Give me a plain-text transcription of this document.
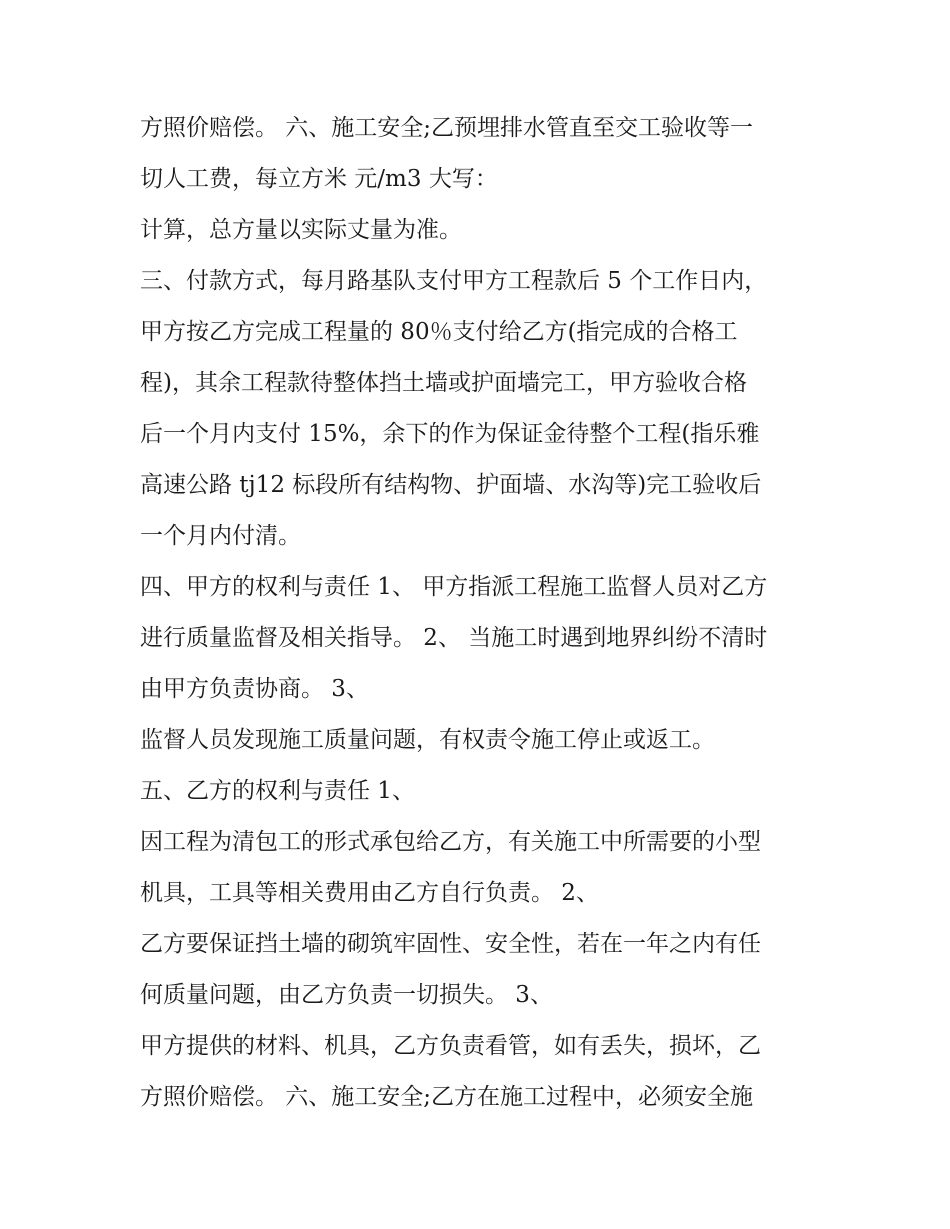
方照价赔偿。 六、施工安全;乙预埋排水管直至交工验收等一
切人工费，每立方米 元/m3 大写：
计算，总方量以实际丈量为准。
三、付款方式，每月路基队支付甲方工程款后 5 个工作日内，
甲方按乙方完成工程量的 80％支付给乙方(指完成的合格工
程)，其余工程款待整体挡土墙或护面墙完工，甲方验收合格
后一个月内支付 15%，余下的作为保证金待整个工程(指乐雅
高速公路 tj12 标段所有结构物、护面墙、水沟等)完工验收后
一个月内付清。
四、甲方的权利与责任 1、 甲方指派工程施工监督人员对乙方
进行质量监督及相关指导。 2、 当施工时遇到地界纠纷不清时
由甲方负责协商。 3、
监督人员发现施工质量问题，有权责令施工停止或返工。
五、乙方的权利与责任 1、
因工程为清包工的形式承包给乙方，有关施工中所需要的小型
机具，工具等相关费用由乙方自行负责。 2、
乙方要保证挡土墙的砌筑牢固性、安全性，若在一年之内有任
何质量问题，由乙方负责一切损失。 3、
甲方提供的材料、机具，乙方负责看管，如有丢失，损坏，乙
方照价赔偿。 六、施工安全;乙方在施工过程中，必须安全施
